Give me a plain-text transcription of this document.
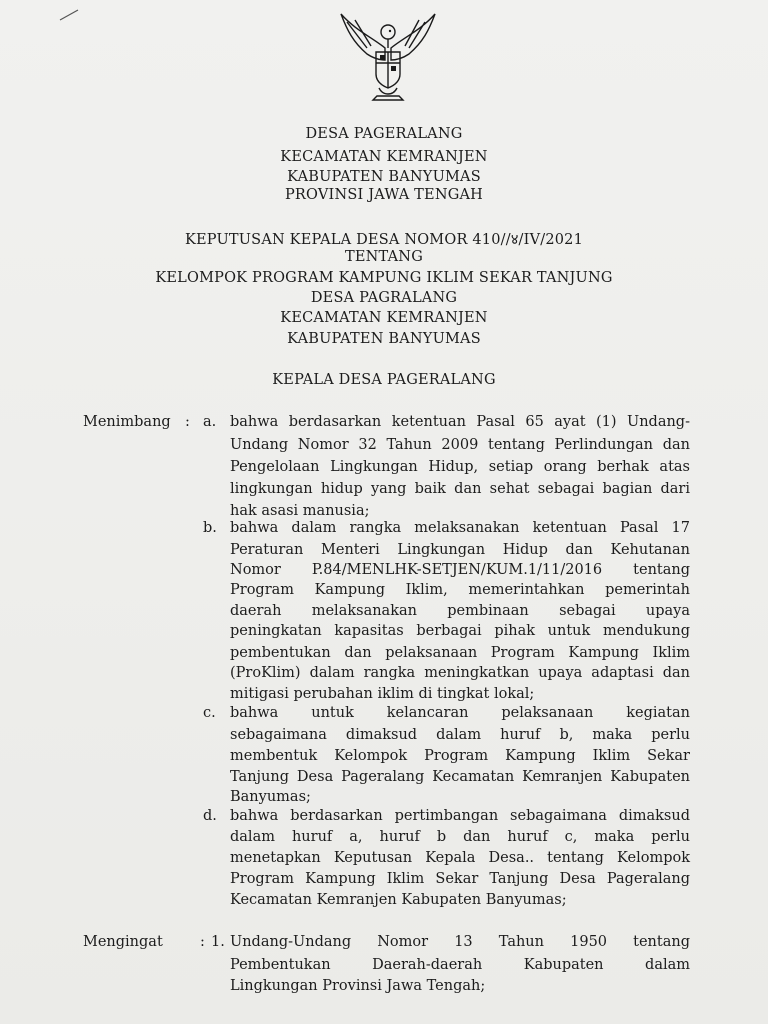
DESA PAGERALANG
KECAMATAN KEMRANJEN
KABUPATEN BANYUMAS
PROVINSI JAWA TENGAH
KEPUTUSAN KEPALA DESA NOMOR 410//४/IV/2021
TENTANG
KELOMPOK PROGRAM KAMPUNG IKLIM SEKAR TANJUNG
DESA PAGRALANG
KECAMATAN KEMRANJEN
KABUPATEN BANYUMAS
KEPALA DESA PAGERALANG
Menimbang : a. bahwa berdasarkan ketentuan Pasal 65 ayat (1) Undang-
Undang Nomor 32 Tahun 2009 tentang Perlindungan dan
Pengelolaan Lingkungan Hidup, setiap orang berhak atas
lingkungan hidup yang baik dan sehat sebagai bagian dari
hak asasi manusia;
b. bahwa dalam rangka melaksanakan ketentuan Pasal 17
Peraturan Menteri Lingkungan Hidup dan Kehutanan
Nomor P.84/MENLHK-SETJEN/KUM.1/11/2016 tentang
Program Kampung Iklim, memerintahkan pemerintah
daerah melaksanakan pembinaan sebagai upaya
peningkatan kapasitas berbagai pihak untuk mendukung
pembentukan dan pelaksanaan Program Kampung Iklim
(ProKlim) dalam rangka meningkatkan upaya adaptasi dan
mitigasi perubahan iklim di tingkat lokal;
c. bahwa untuk kelancaran pelaksanaan kegiatan
sebagaimana dimaksud dalam huruf b, maka perlu
membentuk Kelompok Program Kampung Iklim Sekar
Tanjung Desa Pageralang Kecamatan Kemranjen Kabupaten
Banyumas;
d. bahwa berdasarkan pertimbangan sebagaimana dimaksud
dalam huruf a, huruf b dan huruf c, maka perlu
menetapkan Keputusan Kepala Desa.. tentang Kelompok
Program Kampung Iklim Sekar Tanjung Desa Pageralang
Kecamatan Kemranjen Kabupaten Banyumas;
Mengingat	: 1. Undang-Undang Nomor 13 Tahun 1950 tentang
Pembentukan Daerah-daerah Kabupaten dalam
Lingkungan Provinsi Jawa Tengah;
